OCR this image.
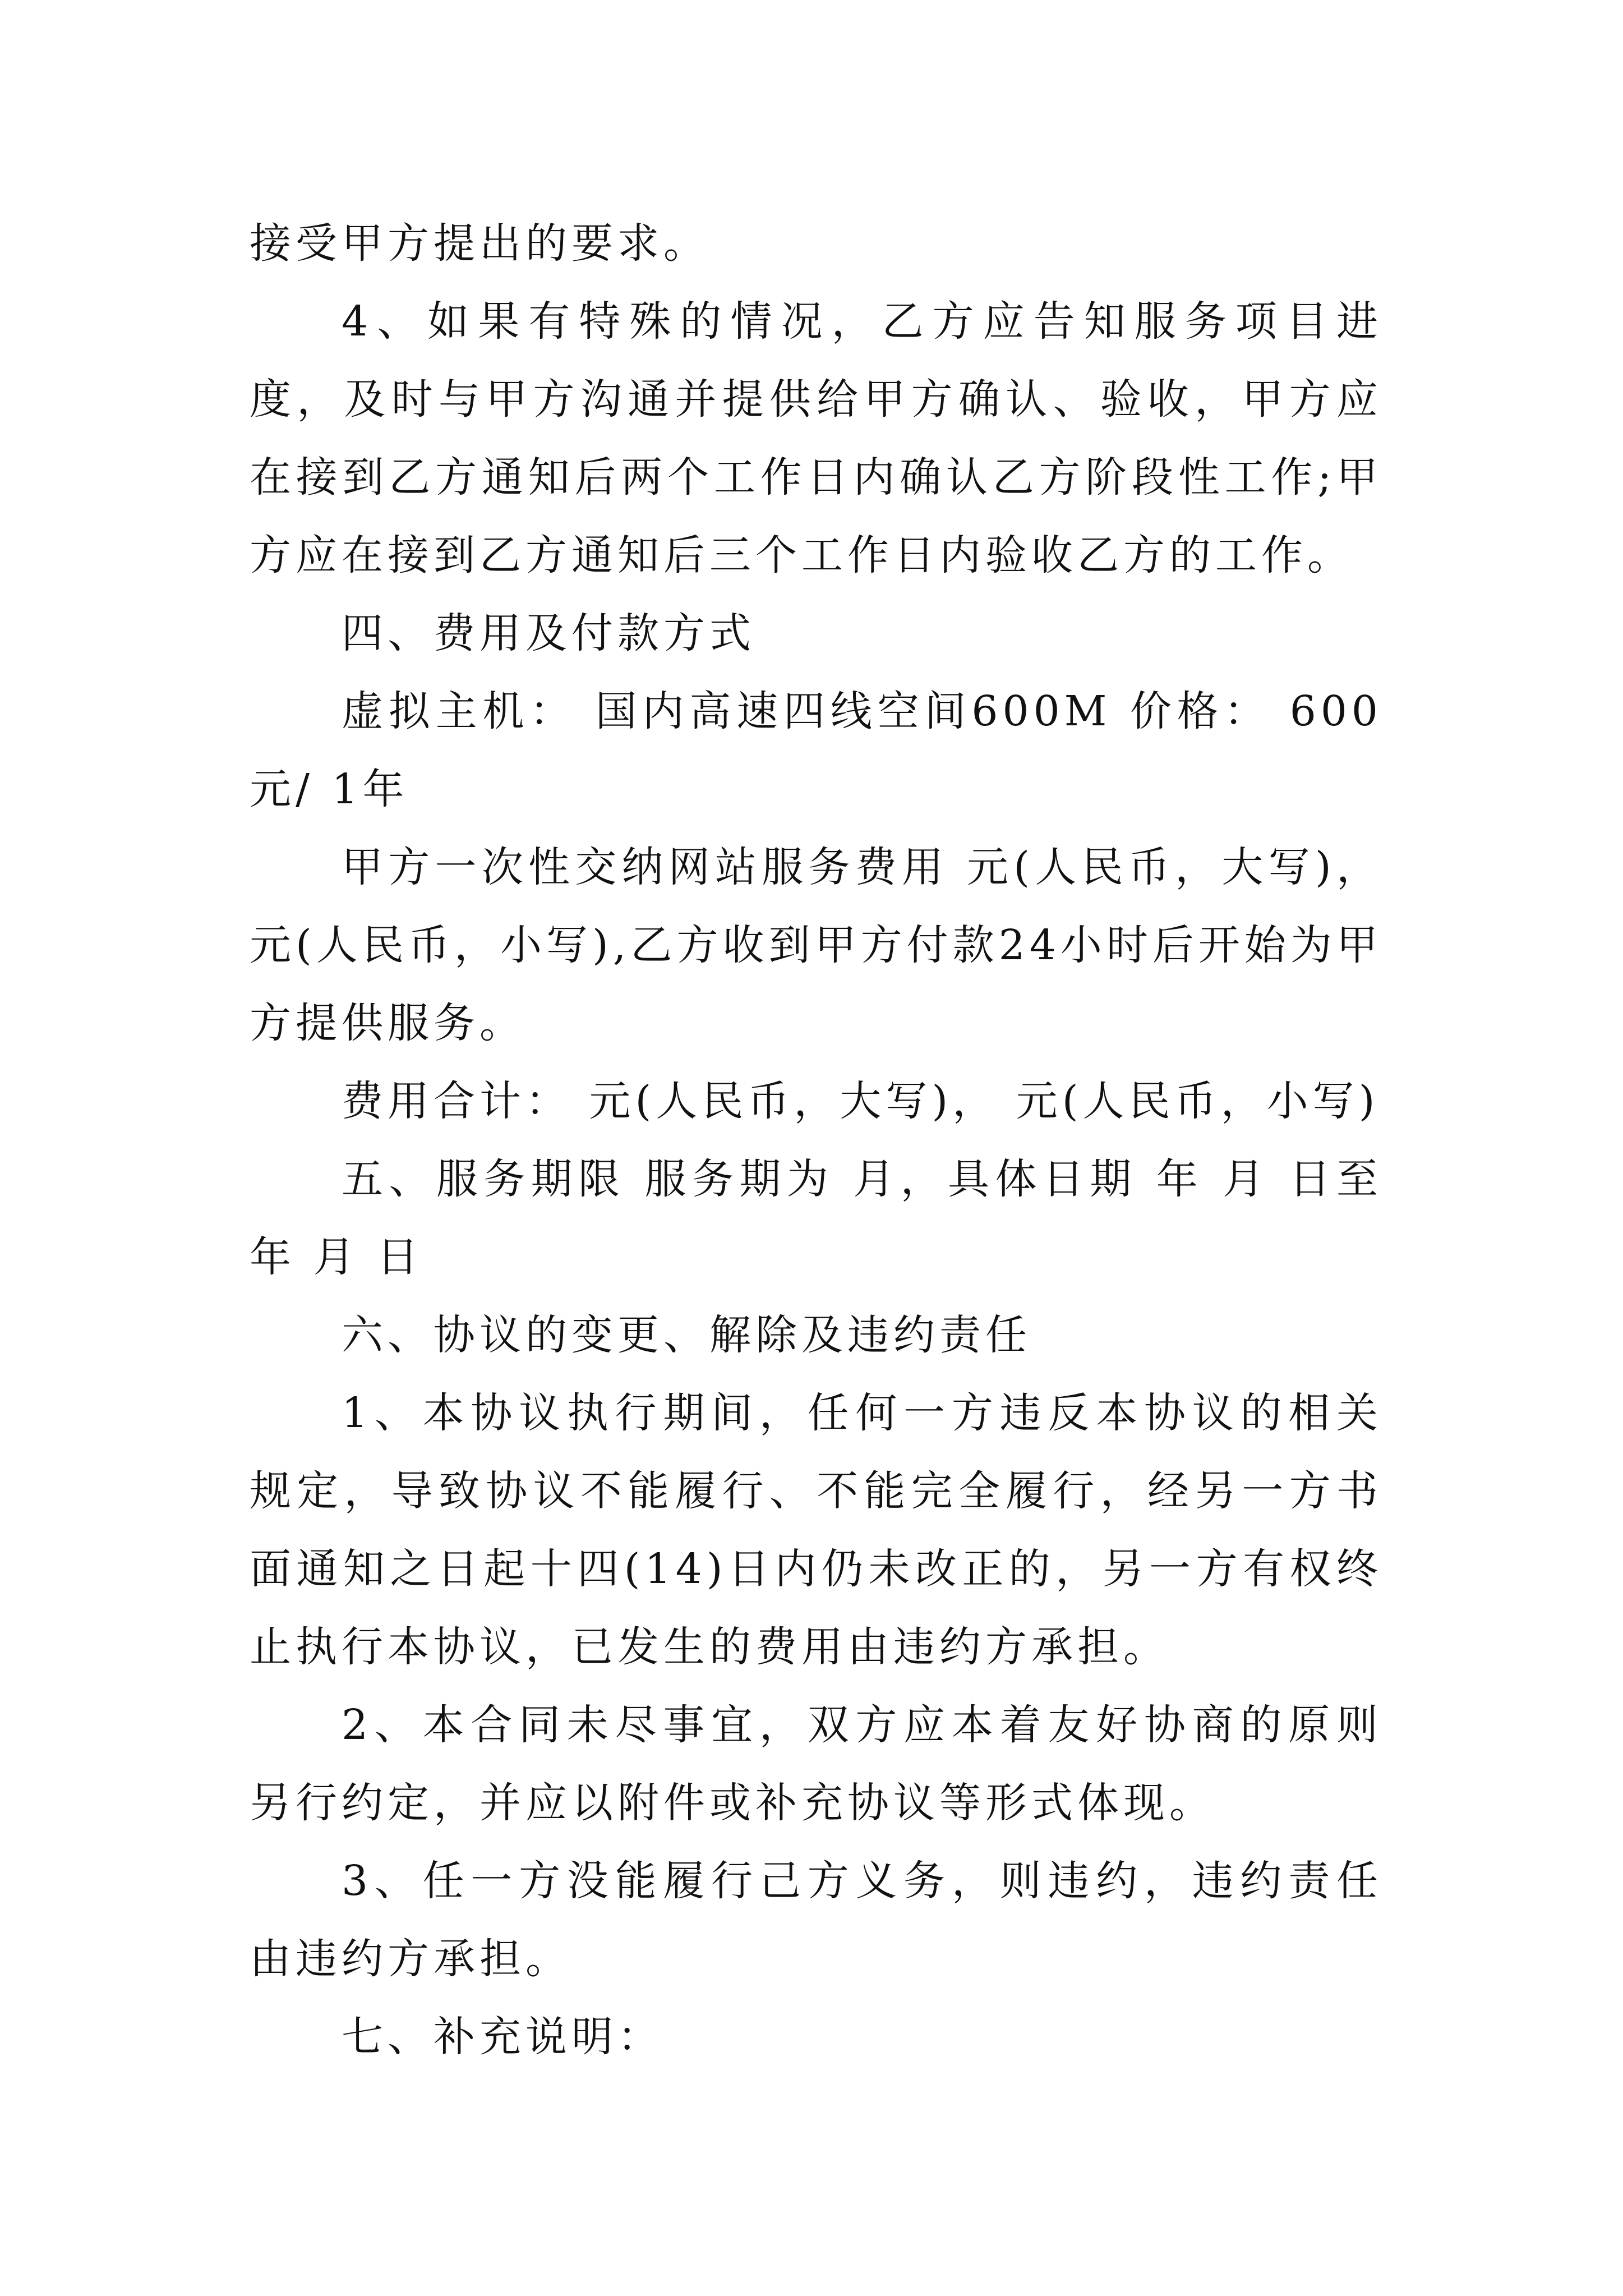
接受甲方提出的要求。

4、如果有特殊的情况，乙方应告知服务项目进度，及时与甲方沟通并提供给甲方确认、验收，甲方应在接到乙方通知后两个工作日内确认乙方阶段性工作;甲方应在接到乙方通知后三个工作日内验收乙方的工作。

四、费用及付款方式

虚拟主机： 国内高速四线空间600M 价格： 600 元/ 1年

甲方一次性交纳网站服务费用 元(人民币，大写)， 元(人民币，小写),乙方收到甲方付款24小时后开始为甲方提供服务。

费用合计： 元(人民币，大写)， 元(人民币，小写)

五、服务期限 服务期为 月，具体日期 年 月 日至 年 月 日

六、协议的变更、解除及违约责任

1、本协议执行期间，任何一方违反本协议的相关规定，导致协议不能履行、不能完全履行，经另一方书面通知之日起十四(14)日内仍未改正的，另一方有权终止执行本协议，已发生的费用由违约方承担。

2、本合同未尽事宜，双方应本着友好协商的原则另行约定，并应以附件或补充协议等形式体现。

3、任一方没能履行己方义务，则违约，违约责任由违约方承担。

七、补充说明：
